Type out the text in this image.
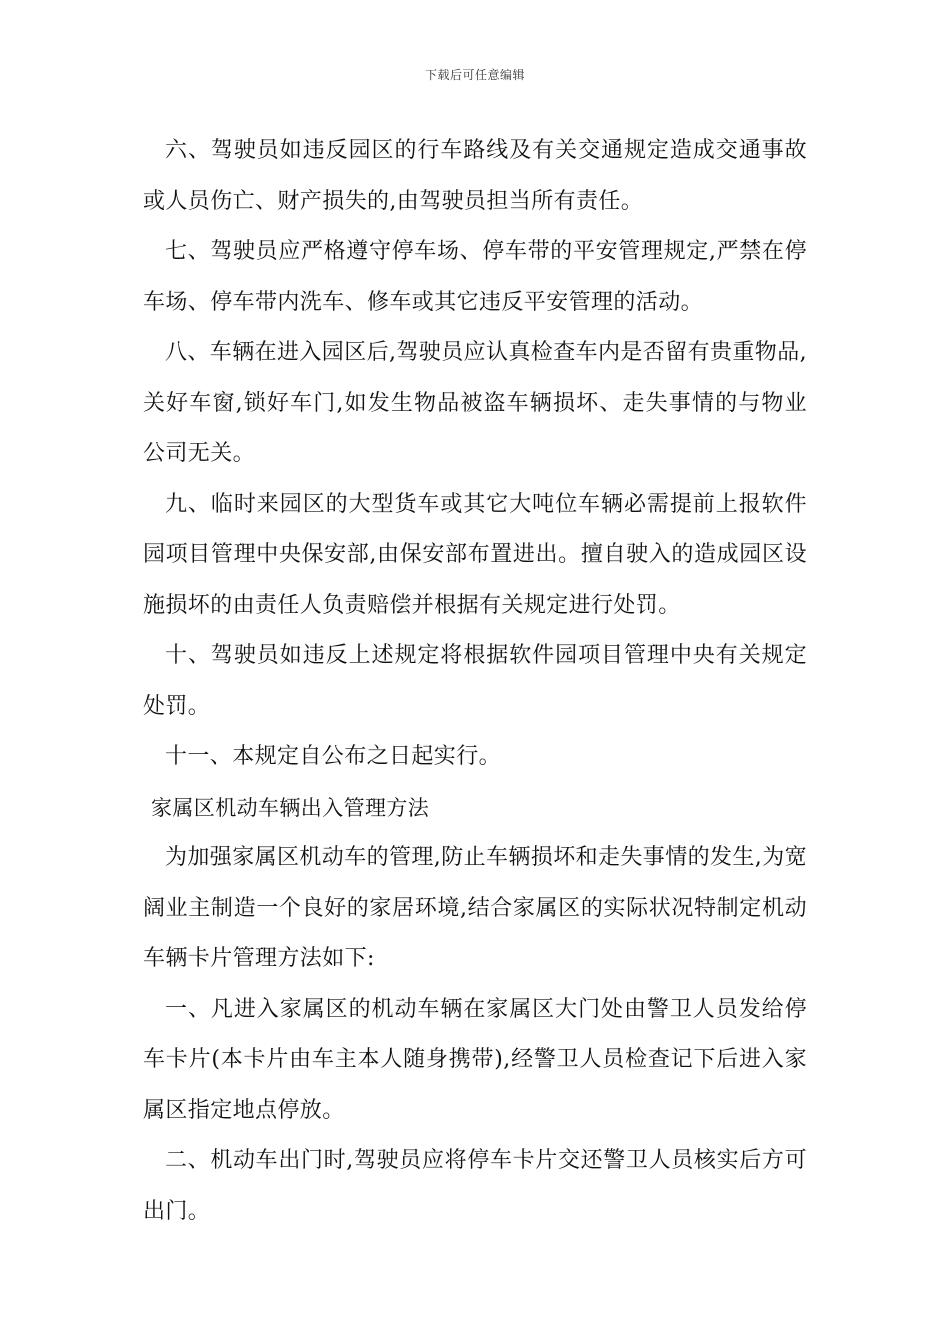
下载后可任意编辑

六、驾驶员如违反园区的行车路线及有关交通规定造成交通事故或人员伤亡、财产损失的,由驾驶员担当所有责任。

七、驾驶员应严格遵守停车场、停车带的平安管理规定,严禁在停车场、停车带内洗车、修车或其它违反平安管理的活动。

八、车辆在进入园区后,驾驶员应认真检查车内是否留有贵重物品,关好车窗,锁好车门,如发生物品被盗车辆损坏、走失事情的与物业公司无关。

九、临时来园区的大型货车或其它大吨位车辆必需提前上报软件园项目管理中央保安部,由保安部布置进出。擅自驶入的造成园区设施损坏的由责任人负责赔偿并根据有关规定进行处罚。

十、驾驶员如违反上述规定将根据软件园项目管理中央有关规定处罚。

十一、本规定自公布之日起实行。

家属区机动车辆出入管理方法

为加强家属区机动车的管理,防止车辆损坏和走失事情的发生,为宽阔业主制造一个良好的家居环境,结合家属区的实际状况特制定机动车辆卡片管理方法如下:

一、凡进入家属区的机动车辆在家属区大门处由警卫人员发给停车卡片(本卡片由车主本人随身携带),经警卫人员检查记下后进入家属区指定地点停放。

二、机动车出门时,驾驶员应将停车卡片交还警卫人员核实后方可出门。
